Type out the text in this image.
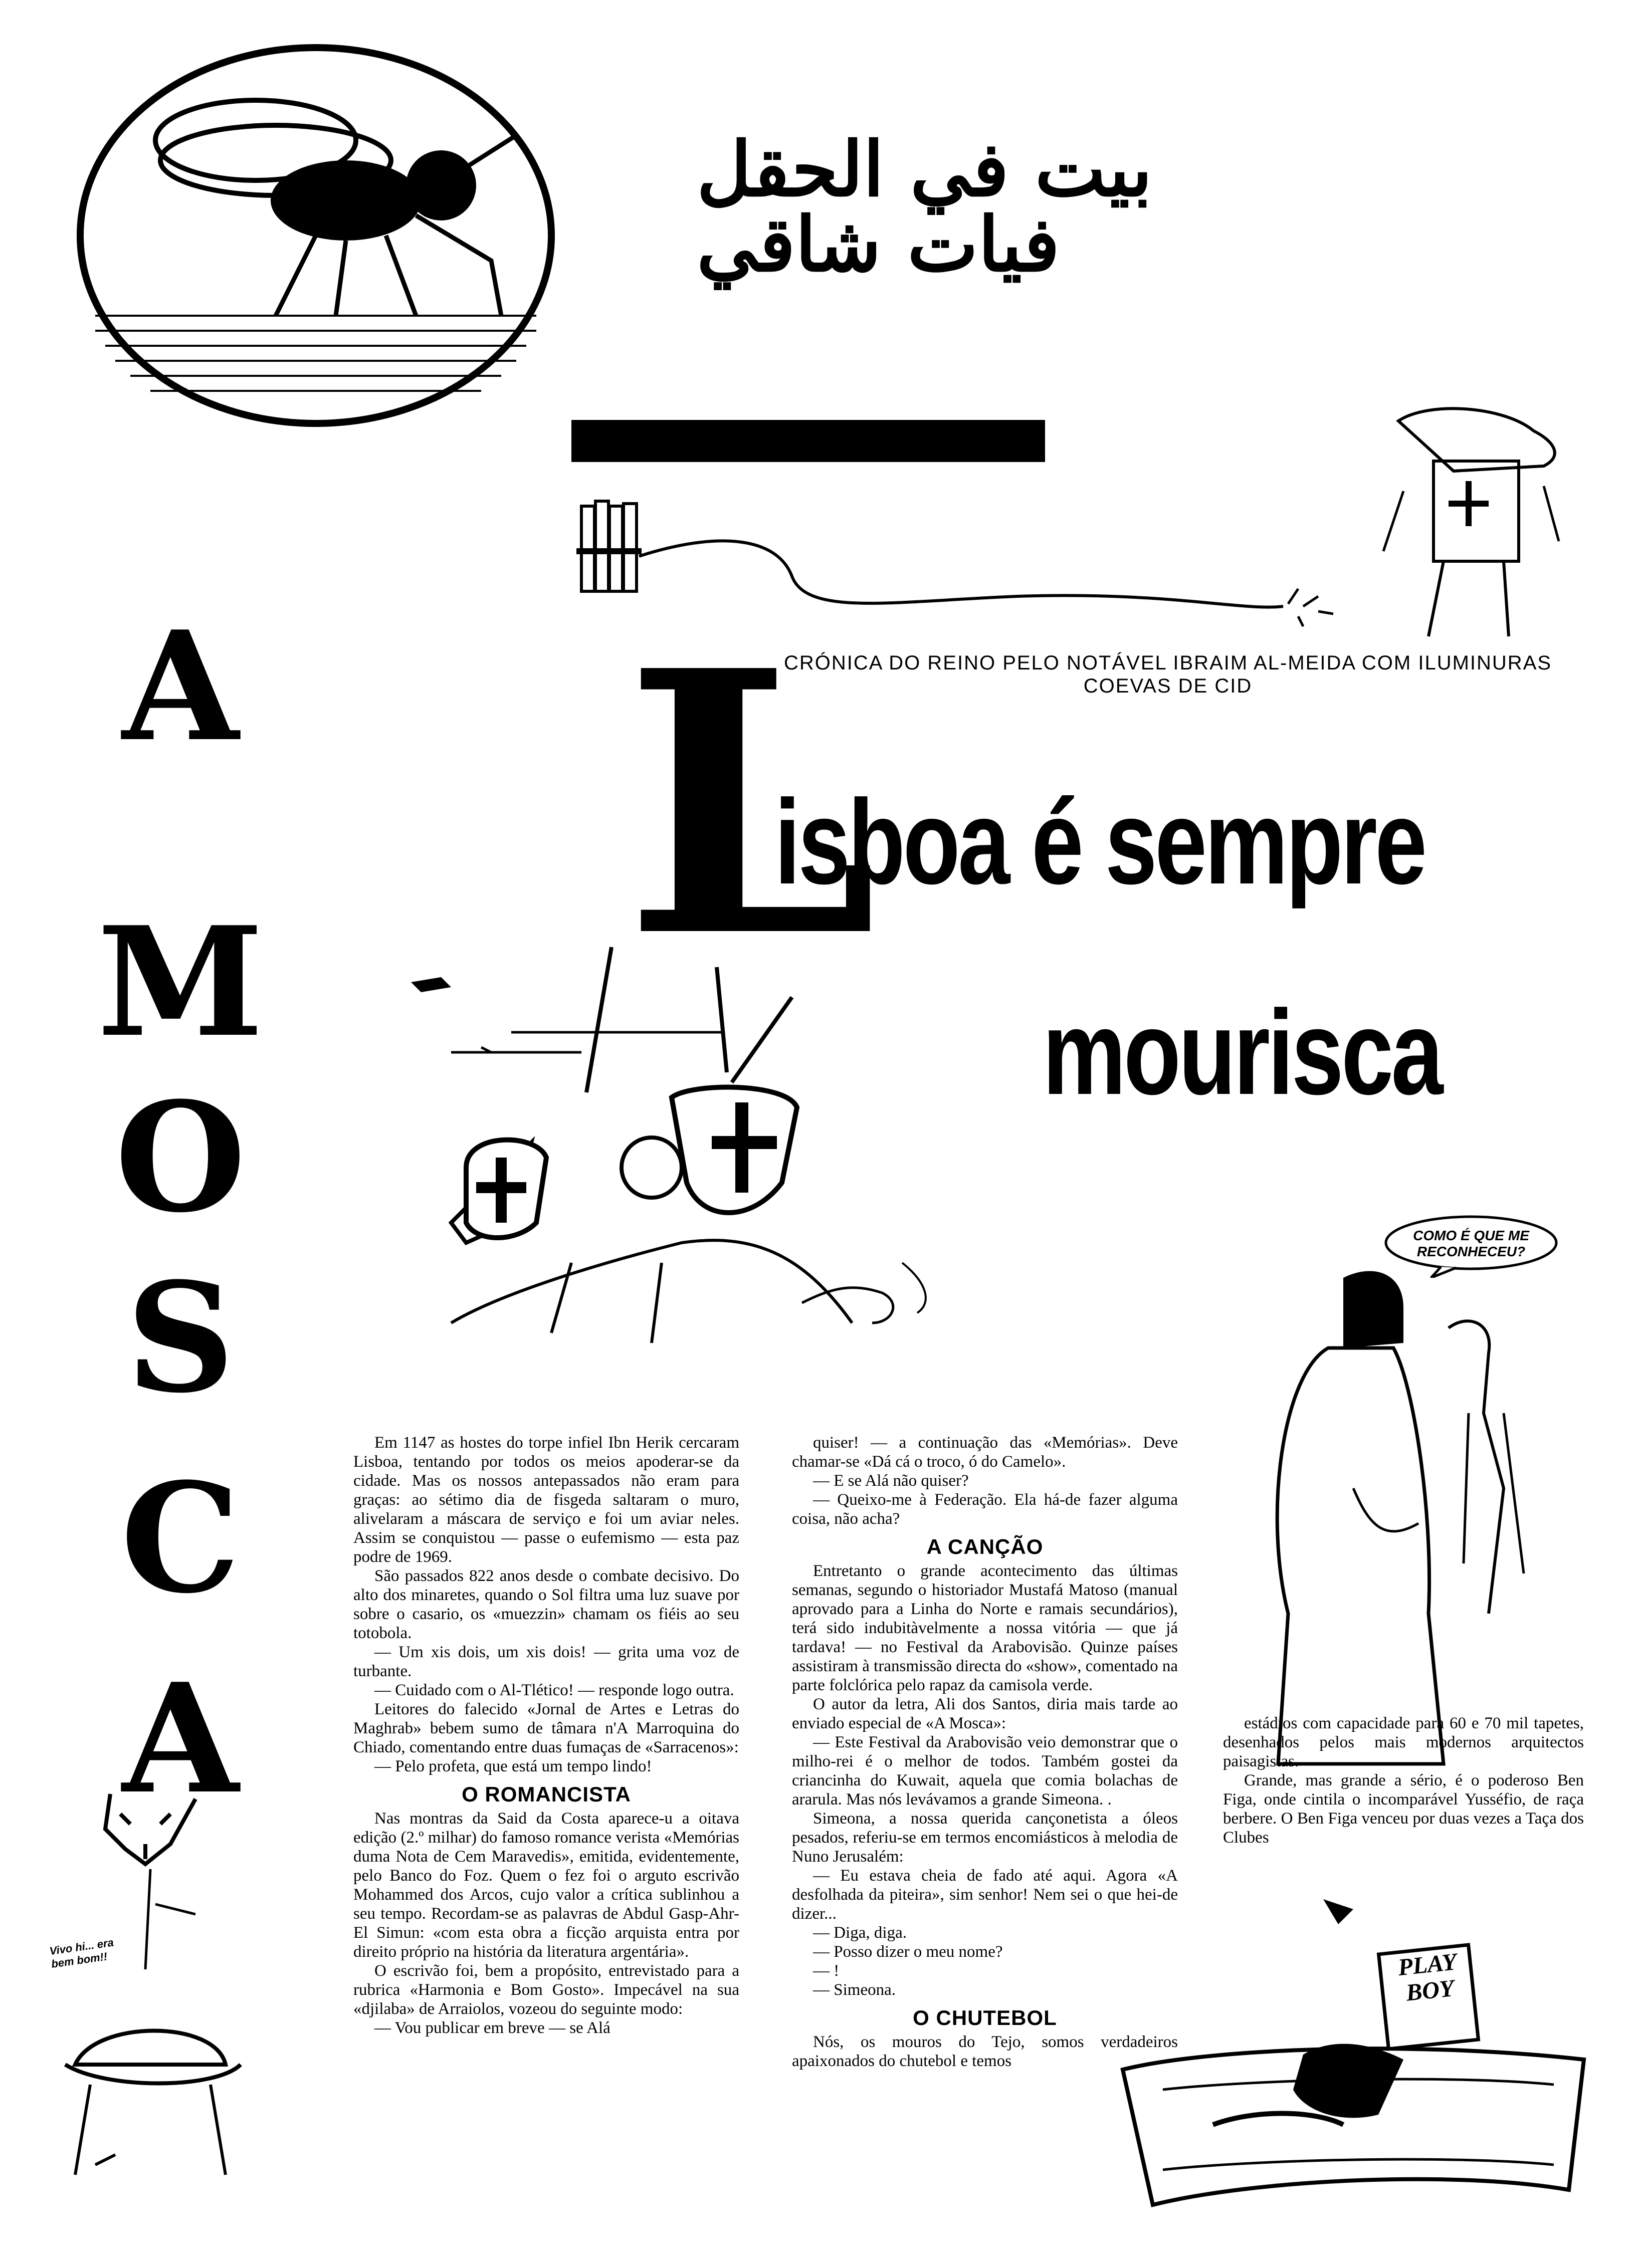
ﺑﻴﺖ ﻓﻲ ﺍﻟﺤﻘﻞ
ﻓﻴﺎﺕ ﺷﺎﻗﻲ
A
M
O
S
C
A
CRÓNICA DO REINO PELO NOTÁVEL IBRAIM AL-MEIDA COM ILUMINURAS COEVAS DE CID
L
isboa é sempre
mourisca
COMO É QUE ME RECONHECEU?
Vivo hi... era bem bom!!	PLAY BOY

Em 1147 as hostes do torpe infiel Ibn Herik cercaram Lisboa, tentando por todos os meios apoderar-se da cidade. Mas os nossos antepassados não eram para graças: ao sétimo dia de fisgeda saltaram o muro, alivelaram a máscara de serviço e foi um aviar neles. Assim se conquistou — passe o eufemismo — esta paz podre de 1969.

São passados 822 anos desde o combate decisivo. Do alto dos minaretes, quando o Sol filtra uma luz suave por sobre o casario, os «muezzin» chamam os fiéis ao seu totobola.

— Um xis dois, um xis dois! — grita uma voz de turbante.

— Cuidado com o Al-Tlético! — responde logo outra.

Leitores do falecido «Jornal de Artes e Letras do Maghrab» bebem sumo de tâmara n'A Marroquina do Chiado, comentando entre duas fumaças de «Sarracenos»:

— Pelo profeta, que está um tempo lindo!

O ROMANCISTA

Nas montras da Said da Costa aparece-u a oitava edição (2.º milhar) do famoso romance verista «Memórias duma Nota de Cem Maravedis», emitida, evidentemente, pelo Banco do Foz. Quem o fez foi o arguto escrivão Mohammed dos Arcos, cujo valor a crítica sublinhou a seu tempo. Recordam-se as palavras de Abdul Gasp-Ahr-El Simun: «com esta obra a ficção arquista entra por direito próprio na história da literatura argentária».

O escrivão foi, bem a propósito, entrevistado para a rubrica «Harmonia e Bom Gosto». Impecável na sua «djilaba» de Arraiolos, vozeou do seguinte modo:

— Vou publicar em breve — se Alá

quiser! — a continuação das «Memórias». Deve chamar-se «Dá cá o troco, ó do Camelo».

— E se Alá não quiser?

— Queixo-me à Federação. Ela há-de fazer alguma coisa, não acha?

A CANÇÃO

Entretanto o grande acontecimento das últimas semanas, segundo o historiador Mustafá Matoso (manual aprovado para a Linha do Norte e ramais secundários), terá sido indubitàvelmente a nossa vitória — que já tardava! — no Festival da Arabovisão. Quinze países assistiram à transmissão directa do «show», comentado na parte folclórica pelo rapaz da camisola verde.

O autor da letra, Ali dos Santos, diria mais tarde ao enviado especial de «A Mosca»:

— Este Festival da Arabovisão veio demonstrar que o milho-rei é o melhor de todos. Também gostei da criancinha do Kuwait, aquela que comia bolachas de ararula. Mas nós levávamos a grande Simeona. .

Simeona, a nossa querida cançonetista a óleos pesados, referiu-se em termos encomiásticos à melodia de Nuno Jerusalém:

— Eu estava cheia de fado até aqui. Agora «A desfolhada da piteira», sim senhor! Nem sei o que hei-de dizer...

— Diga, diga.

— Posso dizer o meu nome?

— !

— Simeona.

O CHUTEBOL

Nós, os mouros do Tejo, somos verdadeiros apaixonados do chutebol e temos

estádios com capacidade para 60 e 70 mil tapetes, desenhados pelos mais modernos arquitectos paisagistas.

Grande, mas grande a sério, é o poderoso Ben Figa, onde cintila o incomparável Yusséfio, de raça berbere. O Ben Figa venceu por duas vezes a Taça dos Clubes
